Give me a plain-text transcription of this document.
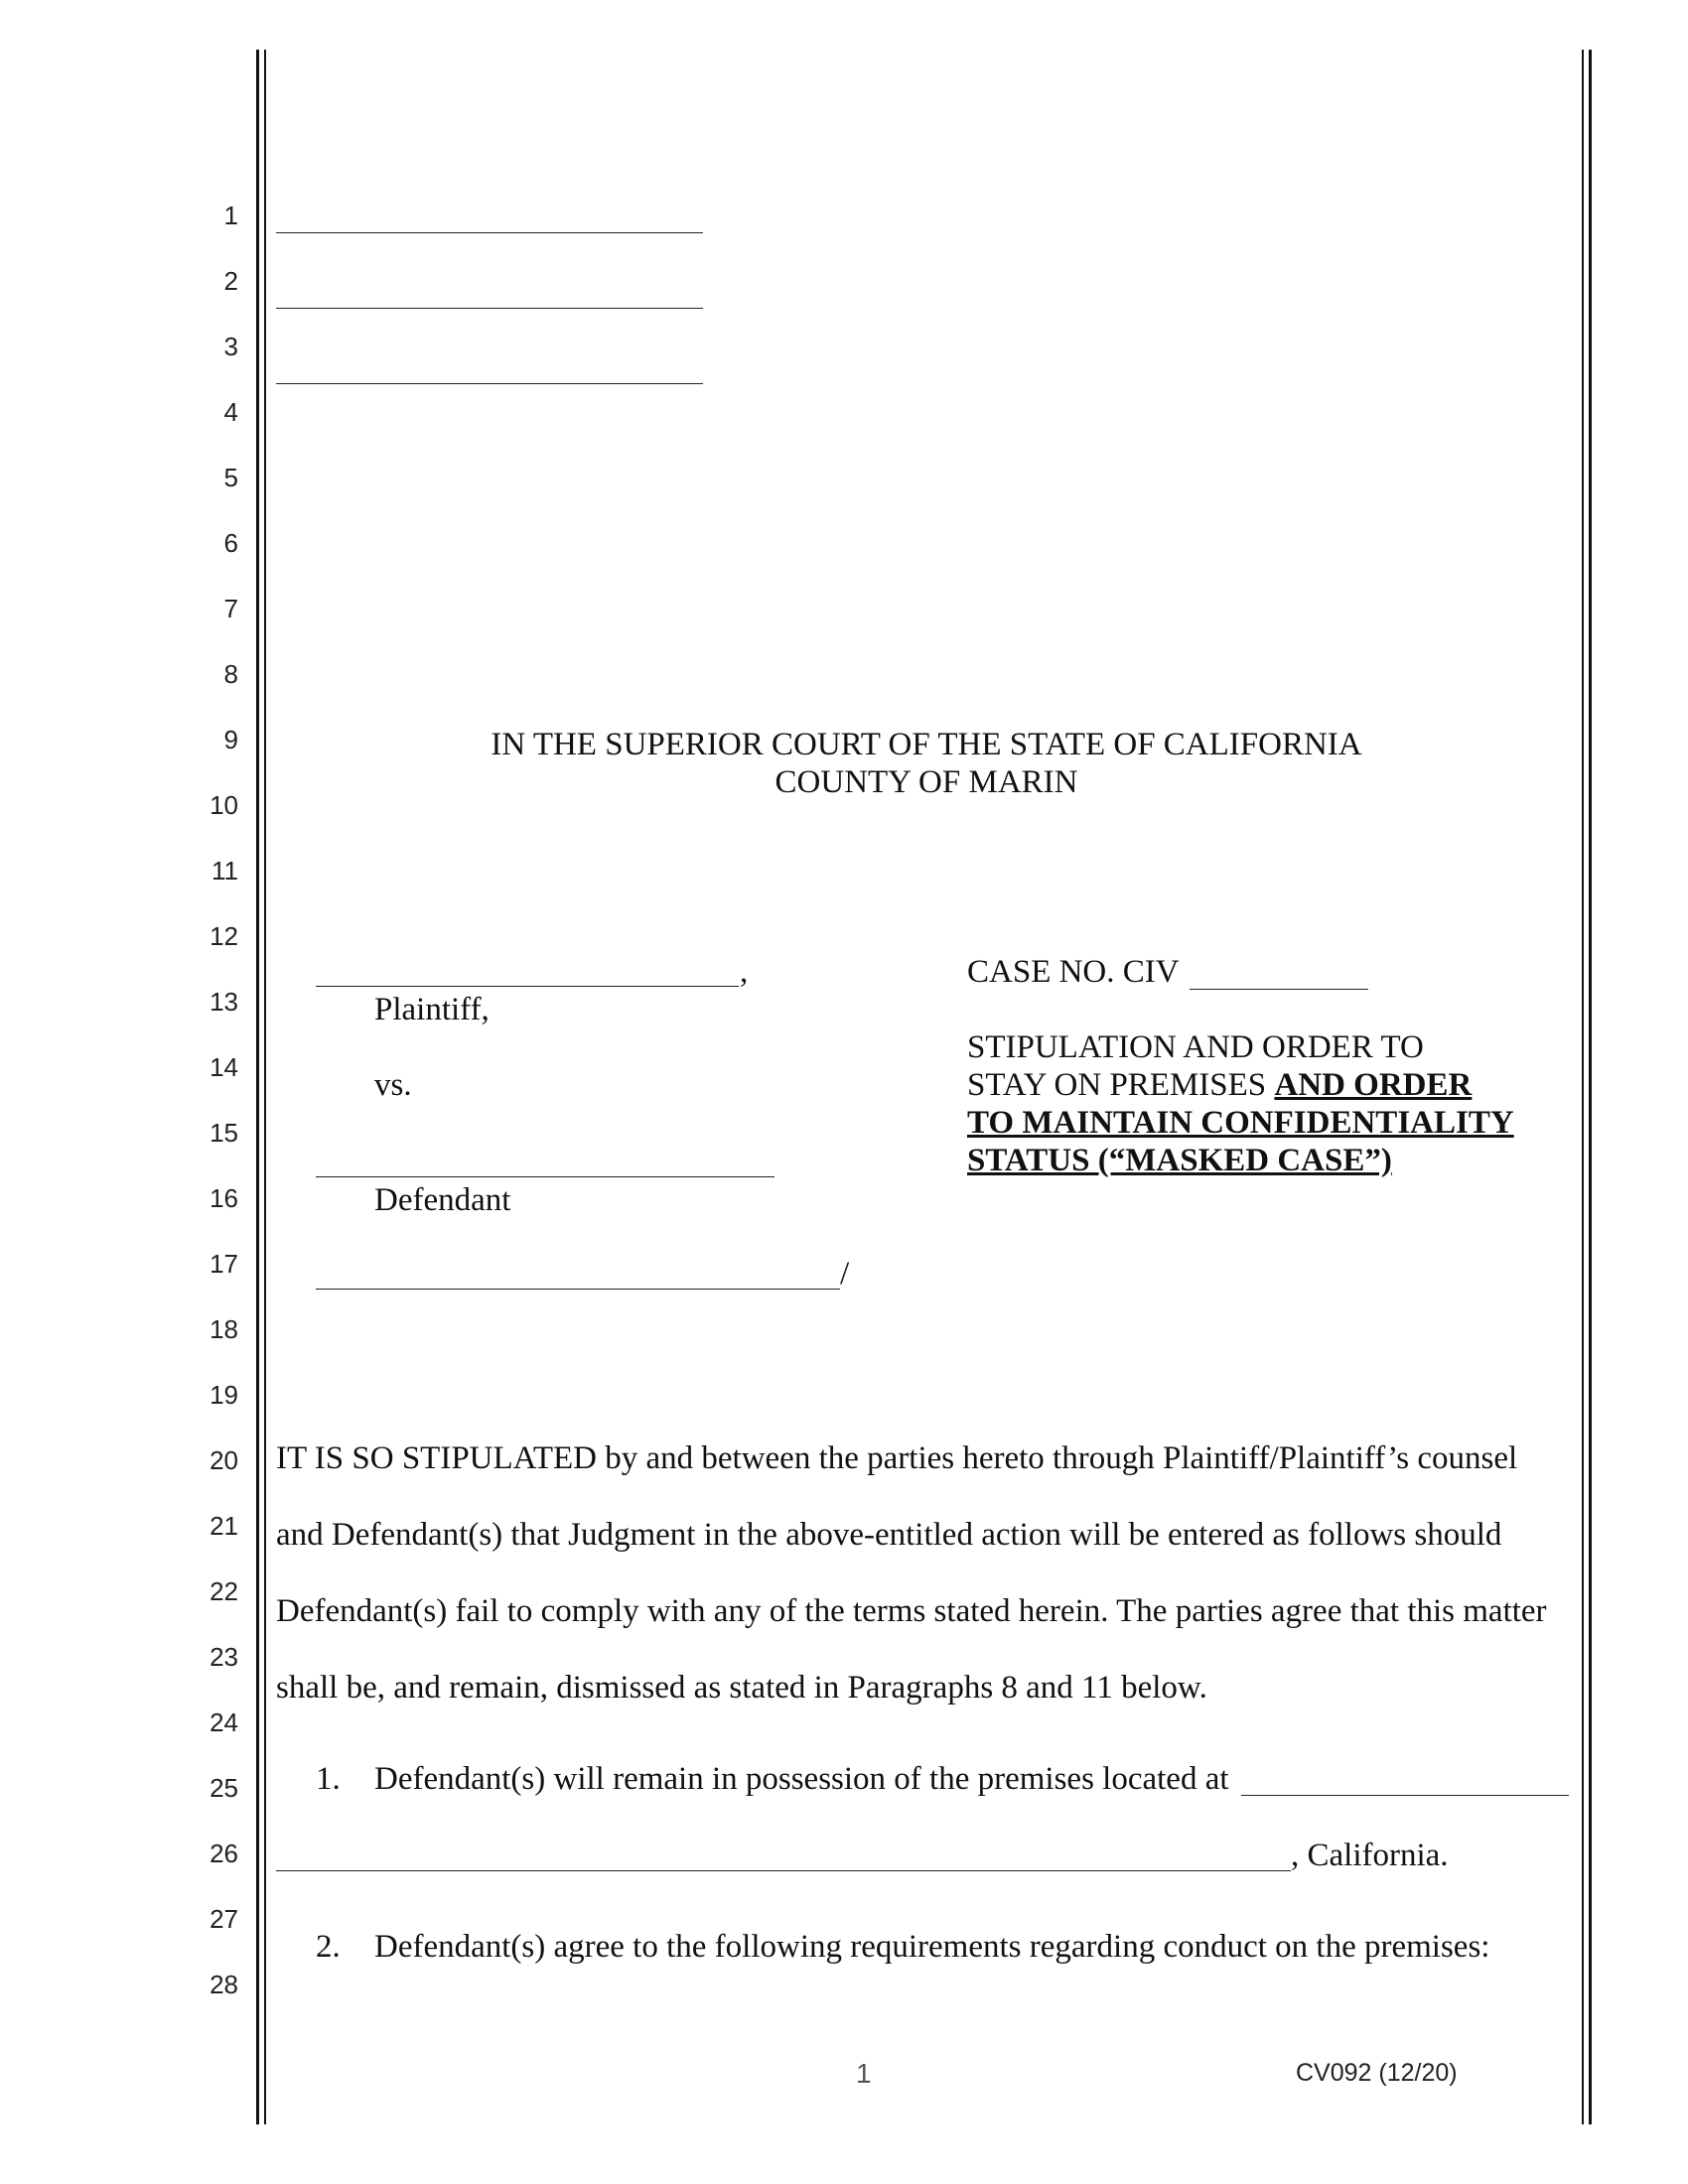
1
2
3
4
5
6
7
8
9
10
11
12
13
14
15
16
17
18
19
20
21
22
23
24
25
26
27
28
IN THE SUPERIOR COURT OF THE STATE OF CALIFORNIA
COUNTY OF MARIN
,
Plaintiff,
vs.
Defendant
/
CASE NO. CIV
STIPULATION AND ORDER TO
STAY ON PREMISES AND ORDER
TO MAINTAIN CONFIDENTIALITY
STATUS (“MASKED CASE”)
IT IS SO STIPULATED by and between the parties hereto through Plaintiff/Plaintiff’s counsel
and Defendant(s) that Judgment in the above-entitled action will be entered as follows should
Defendant(s) fail to comply with any of the terms stated herein. The parties agree that this matter
shall be, and remain, dismissed as stated in Paragraphs 8 and 11 below.
1. Defendant(s) will remain in possession of the premises located at
, California.
2. Defendant(s) agree to the following requirements regarding conduct on the premises:
1	CV092 (12/20)
